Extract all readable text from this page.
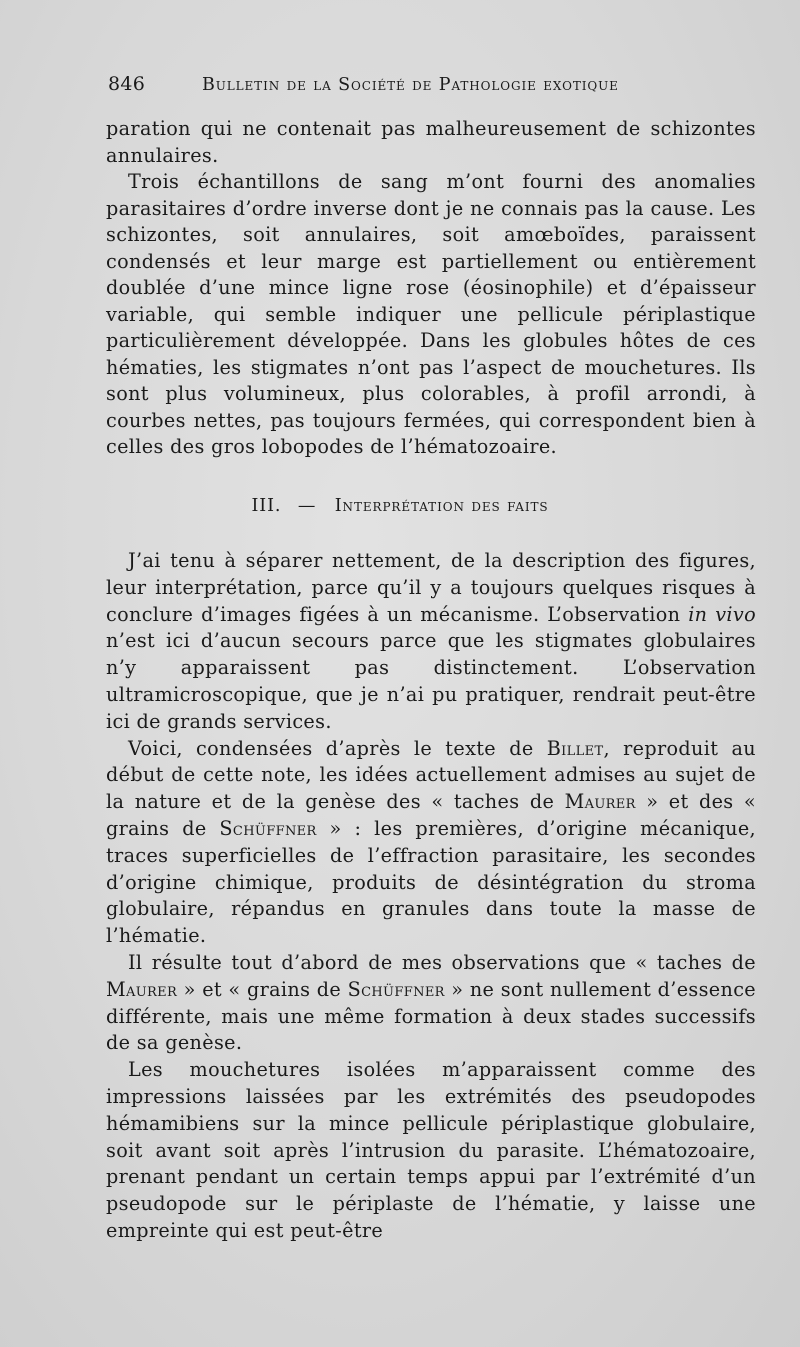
846	Bulletin de la Société de Pathologie exotique

paration qui ne contenait pas malheureusement de schizontes annulaires.

Trois échantillons de sang m’ont fourni des anomalies parasitaires d’ordre inverse dont je ne connais pas la cause. Les schizontes, soit annulaires, soit amœboïdes, paraissent condensés et leur marge est partiellement ou entièrement doublée d’une mince ligne rose (éosinophile) et d’épaisseur variable, qui semble indiquer une pellicule périplastique particulièrement développée. Dans les globules hôtes de ces hématies, les stigmates n’ont pas l’aspect de mouchetures. Ils sont plus volumineux, plus colorables, à profil arrondi, à courbes nettes, pas toujours fermées, qui correspondent bien à celles des gros lobopodes de l’hématozoaire.

III. — Interprétation des faits

J’ai tenu à séparer nettement, de la description des figures, leur interprétation, parce qu’il y a toujours quelques risques à conclure d’images figées à un mécanisme. L’observation in vivo n’est ici d’aucun secours parce que les stigmates globulaires n’y apparaissent pas distinctement. L’observation ultramicroscopique, que je n’ai pu pratiquer, rendrait peut-être ici de grands services.

Voici, condensées d’après le texte de Billet, reproduit au début de cette note, les idées actuellement admises au sujet de la nature et de la genèse des « taches de Maurer » et des « grains de Schüffner » : les premières, d’origine mécanique, traces superficielles de l’effraction parasitaire, les secondes d’origine chimique, produits de désintégration du stroma globulaire, répandus en granules dans toute la masse de l’hématie.

Il résulte tout d’abord de mes observations que « taches de Maurer » et « grains de Schüffner » ne sont nullement d’essence différente, mais une même formation à deux stades successifs de sa genèse.

Les mouchetures isolées m’apparaissent comme des impressions laissées par les extrémités des pseudopodes hémamibiens sur la mince pellicule périplastique globulaire, soit avant soit après l’intrusion du parasite. L’hématozoaire, prenant pendant un certain temps appui par l’extrémité d’un pseudopode sur le périplaste de l’hématie, y laisse une empreinte qui est peut-être
